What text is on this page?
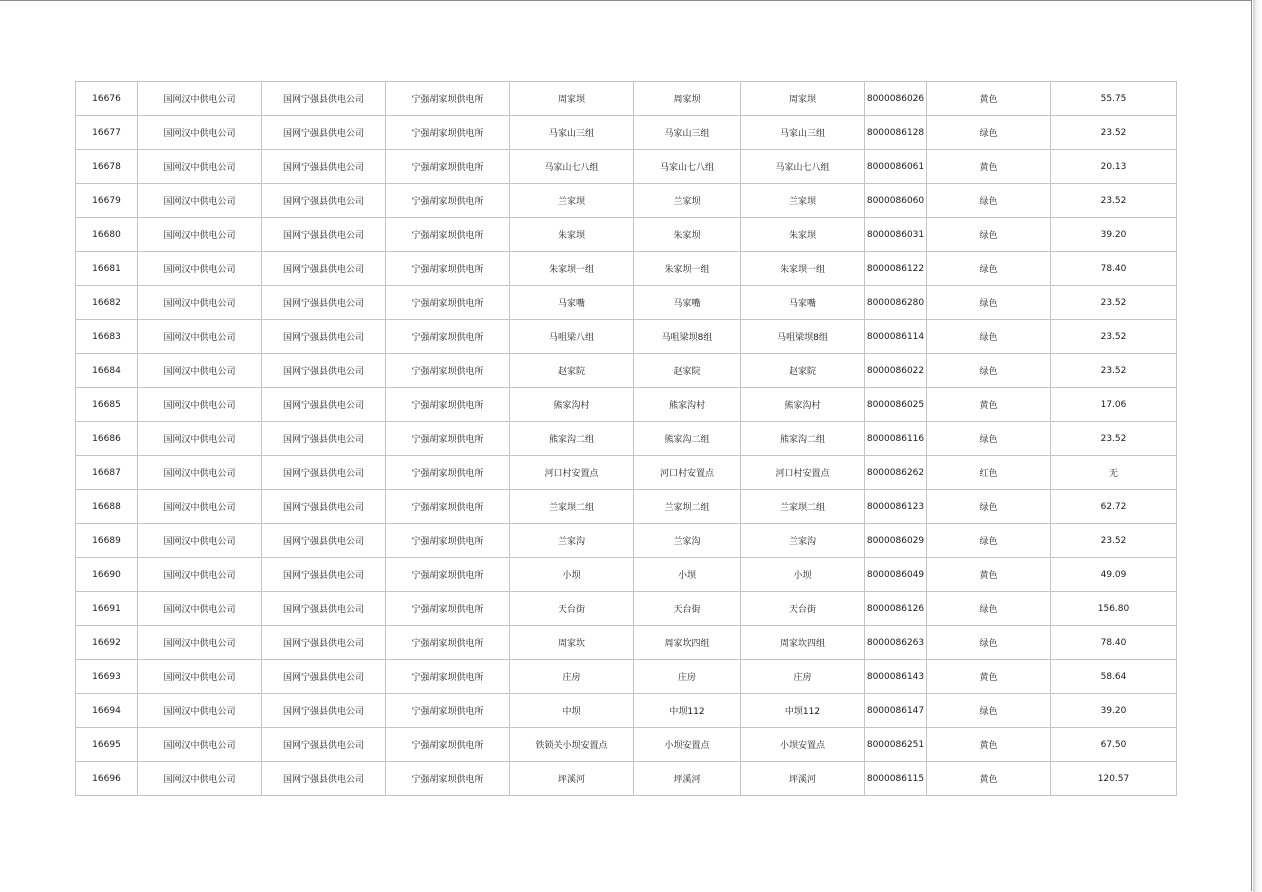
16676	国网汉中供电公司	国网宁强县供电公司	宁强胡家坝供电所	周家坝	周家坝	周家坝	8000086026	黄色	55.75
16677	国网汉中供电公司	国网宁强县供电公司	宁强胡家坝供电所	马家山三组	马家山三组	马家山三组	8000086128	绿色	23.52
16678	国网汉中供电公司	国网宁强县供电公司	宁强胡家坝供电所	马家山七八组	马家山七八组	马家山七八组	8000086061	黄色	20.13
16679	国网汉中供电公司	国网宁强县供电公司	宁强胡家坝供电所	兰家坝	兰家坝	兰家坝	8000086060	绿色	23.52
16680	国网汉中供电公司	国网宁强县供电公司	宁强胡家坝供电所	朱家坝	朱家坝	朱家坝	8000086031	绿色	39.20
16681	国网汉中供电公司	国网宁强县供电公司	宁强胡家坝供电所	朱家坝一组	朱家坝一组	朱家坝一组	8000086122	绿色	78.40
16682	国网汉中供电公司	国网宁强县供电公司	宁强胡家坝供电所	马家嘴	马家嘴	马家嘴	8000086280	绿色	23.52
16683	国网汉中供电公司	国网宁强县供电公司	宁强胡家坝供电所	马咀梁八组	马咀梁坝8组	马咀梁坝8组	8000086114	绿色	23.52
16684	国网汉中供电公司	国网宁强县供电公司	宁强胡家坝供电所	赵家院	赵家院	赵家院	8000086022	绿色	23.52
16685	国网汉中供电公司	国网宁强县供电公司	宁强胡家坝供电所	熊家沟村	熊家沟村	熊家沟村	8000086025	黄色	17.06
16686	国网汉中供电公司	国网宁强县供电公司	宁强胡家坝供电所	熊家沟二组	熊家沟二组	熊家沟二组	8000086116	绿色	23.52
16687	国网汉中供电公司	国网宁强县供电公司	宁强胡家坝供电所	河口村安置点	河口村安置点	河口村安置点	8000086262	红色	无
16688	国网汉中供电公司	国网宁强县供电公司	宁强胡家坝供电所	兰家坝二组	兰家坝二组	兰家坝二组	8000086123	绿色	62.72
16689	国网汉中供电公司	国网宁强县供电公司	宁强胡家坝供电所	兰家沟	兰家沟	兰家沟	8000086029	绿色	23.52
16690	国网汉中供电公司	国网宁强县供电公司	宁强胡家坝供电所	小坝	小坝	小坝	8000086049	黄色	49.09
16691	国网汉中供电公司	国网宁强县供电公司	宁强胡家坝供电所	天台街	天台街	天台街	8000086126	绿色	156.80
16692	国网汉中供电公司	国网宁强县供电公司	宁强胡家坝供电所	周家坎	周家坎四组	周家坎四组	8000086263	绿色	78.40
16693	国网汉中供电公司	国网宁强县供电公司	宁强胡家坝供电所	庄房	庄房	庄房	8000086143	黄色	58.64
16694	国网汉中供电公司	国网宁强县供电公司	宁强胡家坝供电所	中坝	中坝112	中坝112	8000086147	绿色	39.20
16695	国网汉中供电公司	国网宁强县供电公司	宁强胡家坝供电所	铁锁关小坝安置点	小坝安置点	小坝安置点	8000086251	黄色	67.50
16696	国网汉中供电公司	国网宁强县供电公司	宁强胡家坝供电所	坪溪河	坪溪河	坪溪河	8000086115	黄色	120.57
